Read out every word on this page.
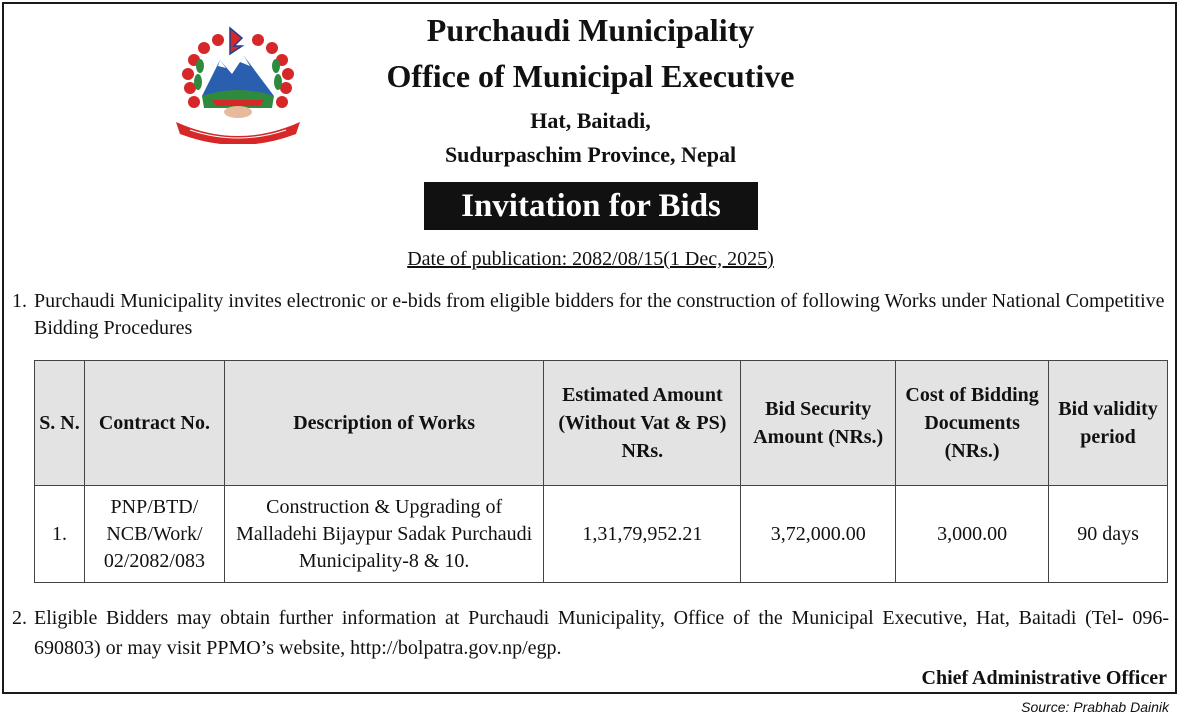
Purchaudi Municipality
Office of Municipal Executive
Hat, Baitadi,
Sudurpaschim Province, Nepal
Invitation for Bids
Date of publication: 2082/08/15(1 Dec, 2025)
1. Purchaudi Municipality invites electronic or e-bids from eligible bidders for the construction of following Works under National Competitive Bidding Procedures
S. N.	Contract No.	Description of Works	Estimated Amount (Without Vat & PS) NRs.	Bid Security Amount (NRs.)	Cost of Bidding Documents (NRs.)	Bid validity period
1.	PNP/BTD/ NCB/Work/ 02/2082/083	Construction & Upgrading of Malladehi Bijaypur Sadak Purchaudi Municipality-8 & 10.	1,31,79,952.21	3,72,000.00	3,000.00	90 days
2. Eligible Bidders may obtain further information at Purchaudi Municipality, Office of the Municipal Executive, Hat, Baitadi (Tel- 096-690803) or may visit PPMO’s website, http://bolpatra.gov.np/egp.
Chief Administrative Officer
Source: Prabhab Dainik
